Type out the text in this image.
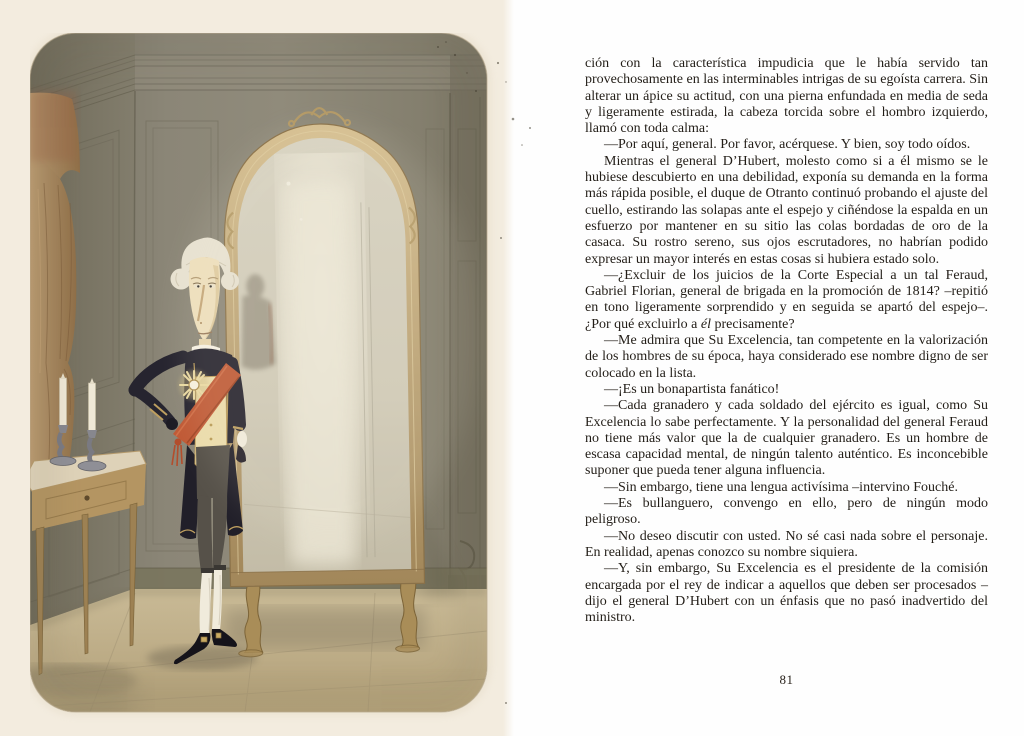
ción con la característica impudicia que le había servido tan provechosamente en las interminables intrigas de su egoísta carrera. Sin alterar un ápice su actitud, con una pierna enfundada en media de seda y ligeramente estirada, la cabeza torcida sobre el hombro izquierdo, llamó con toda calma:

—Por aquí, general. Por favor, acérquese. Y bien, soy todo oídos.

Mientras el general D’Hubert, molesto como si a él mismo se le hubiese descubierto en una debilidad, exponía su demanda en la forma más rápida posible, el duque de Otranto continuó probando el ajuste del cuello, estirando las solapas ante el espejo y ciñéndose la espalda en un esfuerzo por mantener en su sitio las colas bordadas de oro de la casaca. Su rostro sereno, sus ojos escrutadores, no habrían podido expresar un mayor interés en estas cosas si hubiera estado solo.

—¿Excluir de los juicios de la Corte Especial a un tal Feraud, Gabriel Florian, general de brigada en la promoción de 1814? –repitió en tono ligeramente sorprendido y en seguida se apartó del espejo–. ¿Por qué excluirlo a él precisamente?

—Me admira que Su Excelencia, tan competente en la valorización de los hombres de su época, haya considerado ese nombre digno de ser colocado en la lista.

—¡Es un bonapartista fanático!

—Cada granadero y cada soldado del ejército es igual, como Su Excelencia lo sabe perfectamente. Y la personalidad del general Feraud no tiene más valor que la de cualquier granadero. Es un hombre de escasa capacidad mental, de ningún talento auténtico. Es inconcebible suponer que pueda tener alguna influencia.

—Sin embargo, tiene una lengua activísima –intervino Fouché.

—Es bullanguero, convengo en ello, pero de ningún modo peligroso.

—No deseo discutir con usted. No sé casi nada sobre el personaje. En realidad, apenas conozco su nombre siquiera.

—Y, sin embargo, Su Excelencia es el presidente de la comisión encargada por el rey de indicar a aquellos que deben ser procesados –dijo el general D’Hubert con un énfasis que no pasó inadvertido del ministro.

81
